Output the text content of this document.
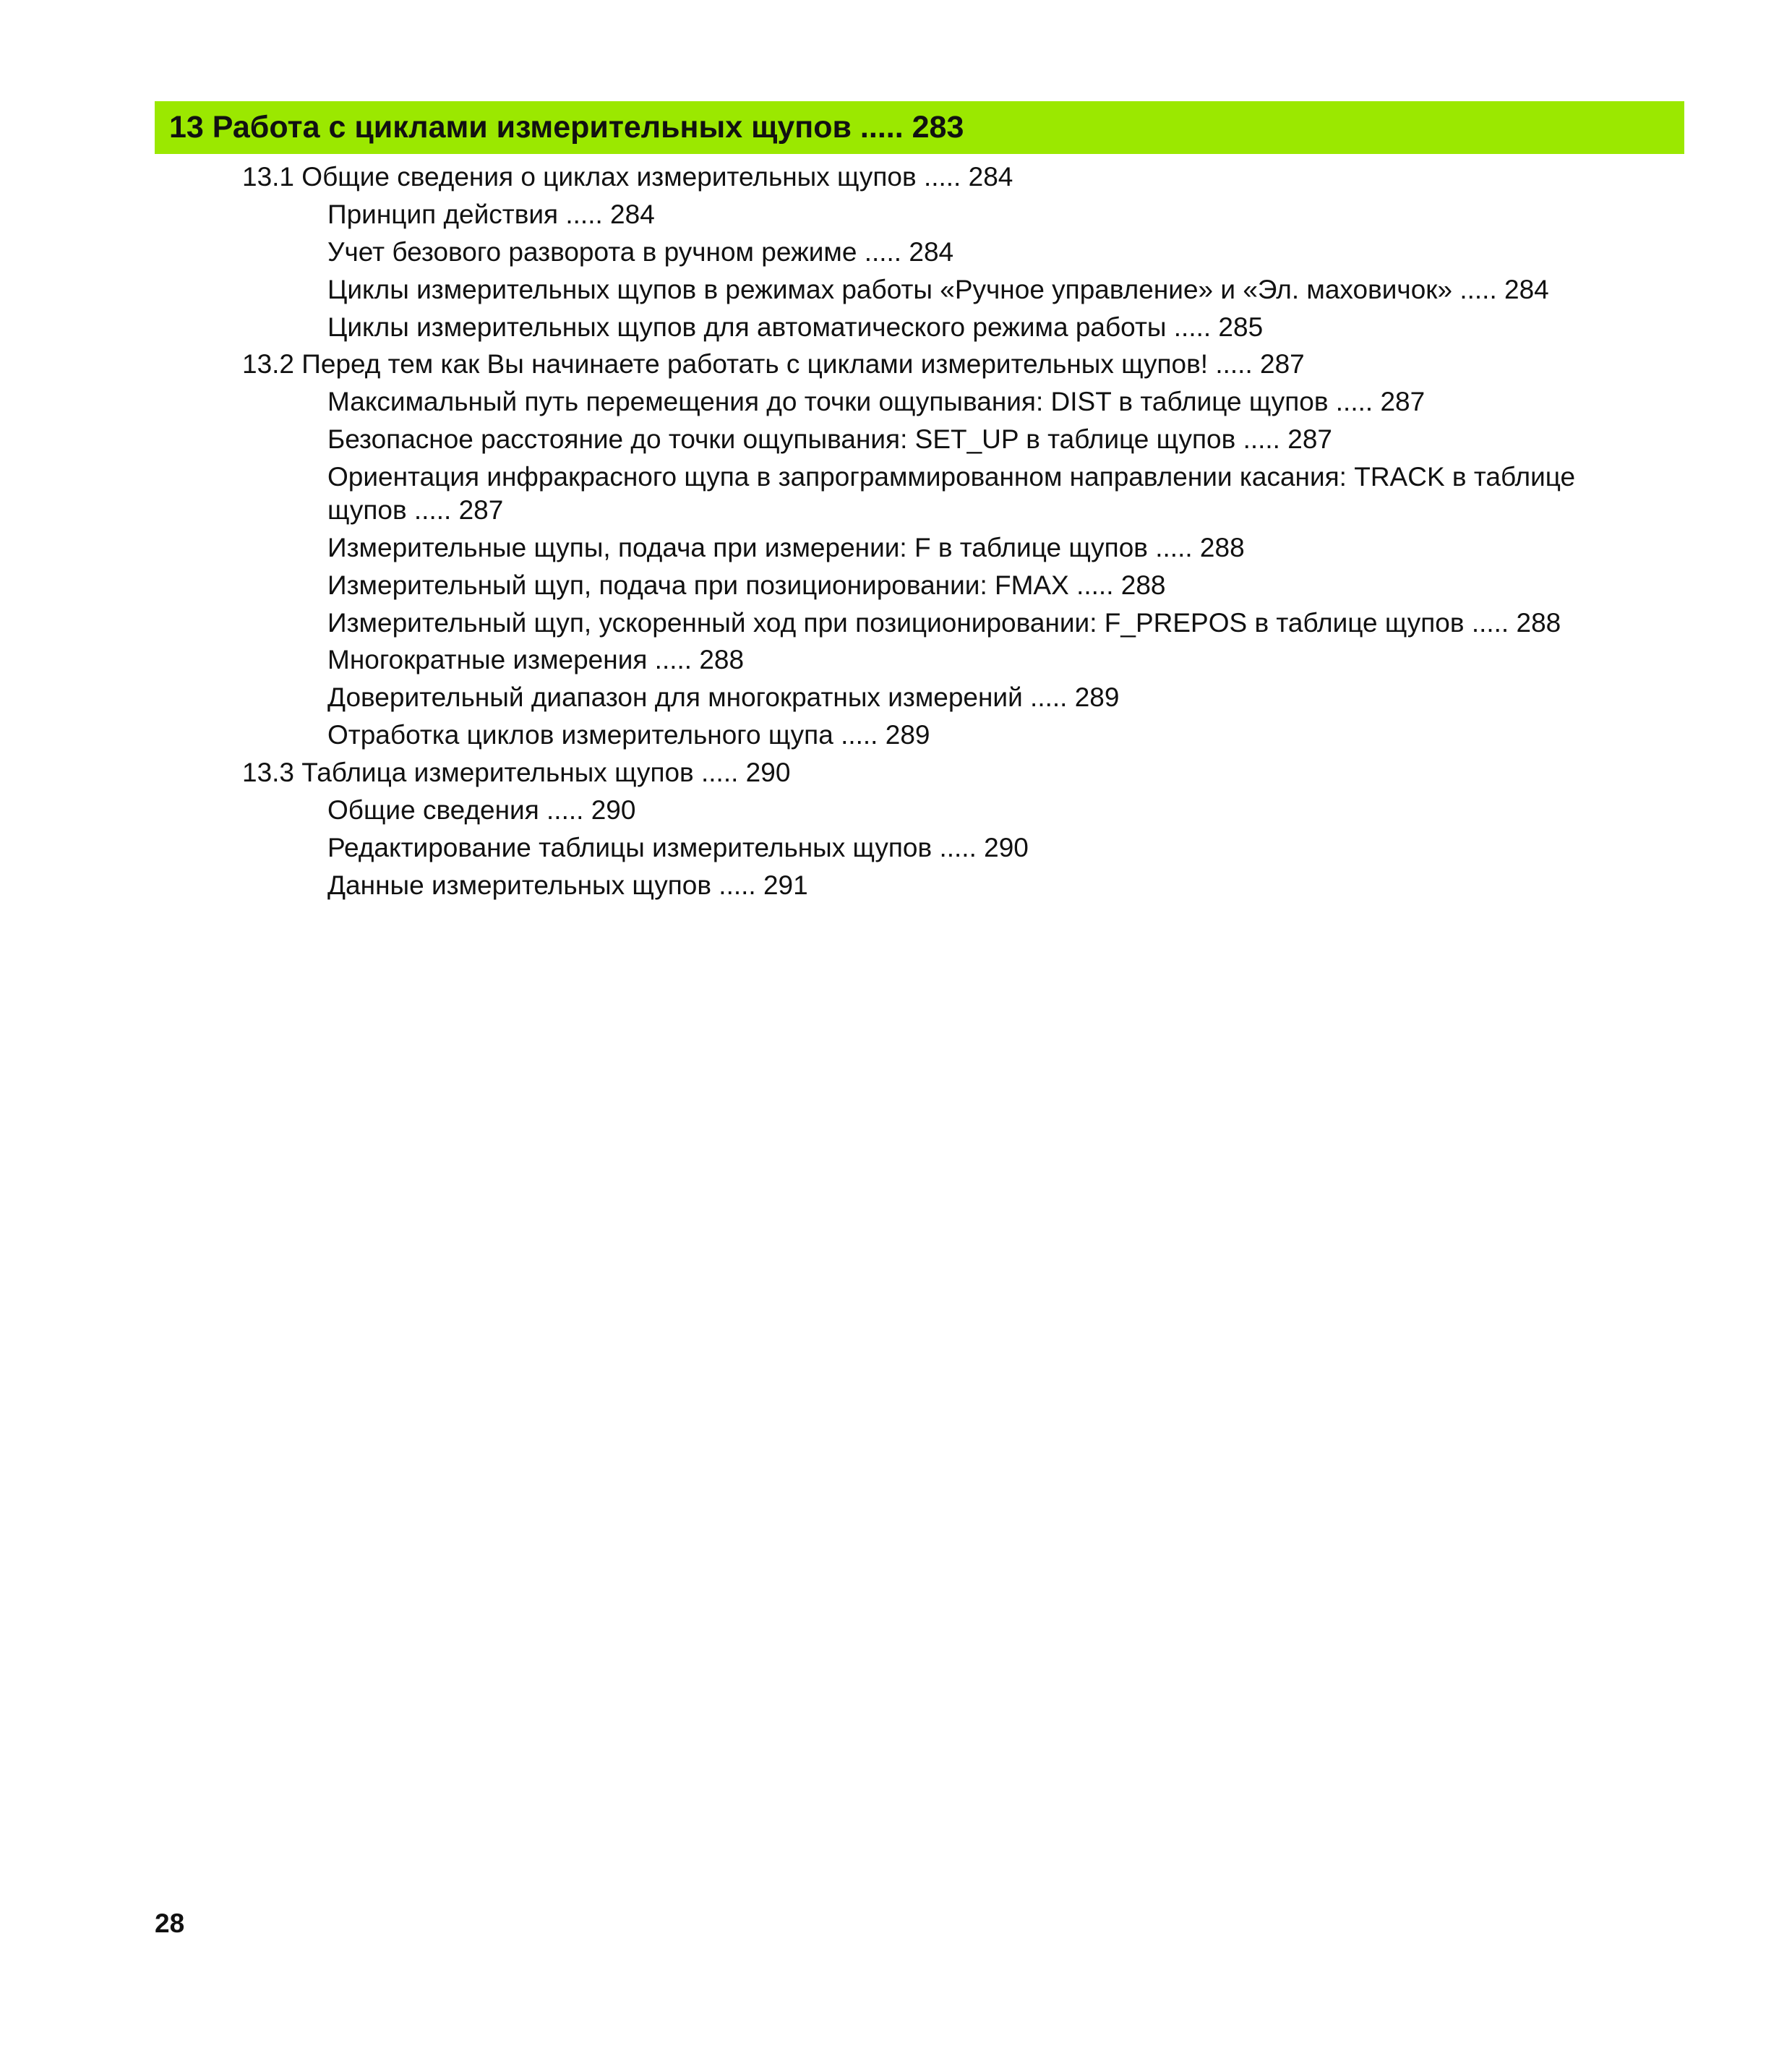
13 Работа с циклами измерительных щупов ..... 283
13.1 Общие сведения о циклах измерительных щупов ..... 284
Принцип действия ..... 284
Учет безового разворота в ручном режиме ..... 284
Циклы измерительных щупов в режимах работы «Ручное управление» и «Эл. маховичок» ..... 284
Циклы измерительных щупов для автоматического режима работы ..... 285
13.2 Перед тем как Вы начинаете работать с циклами измерительных щупов! ..... 287
Максимальный путь перемещения до точки ощупывания: DIST в таблице щупов ..... 287
Безопасное расстояние до точки ощупывания: SET_UP в таблице щупов ..... 287
Ориентация инфракрасного щупа в запрограммированном направлении касания: TRACK в таблице щупов ..... 287
Измерительные щупы, подача при измерении: F в таблице щупов ..... 288
Измерительный щуп, подача при позиционировании: FMAX ..... 288
Измерительный щуп, ускоренный ход при позиционировании: F_PREPOS в таблице щупов ..... 288
Многократные измерения ..... 288
Доверительный диапазон для многократных измерений ..... 289
Отработка циклов измерительного щупа ..... 289
13.3 Таблица измерительных щупов ..... 290
Общие сведения ..... 290
Редактирование таблицы измерительных щупов ..... 290
Данные измерительных щупов ..... 291
28
